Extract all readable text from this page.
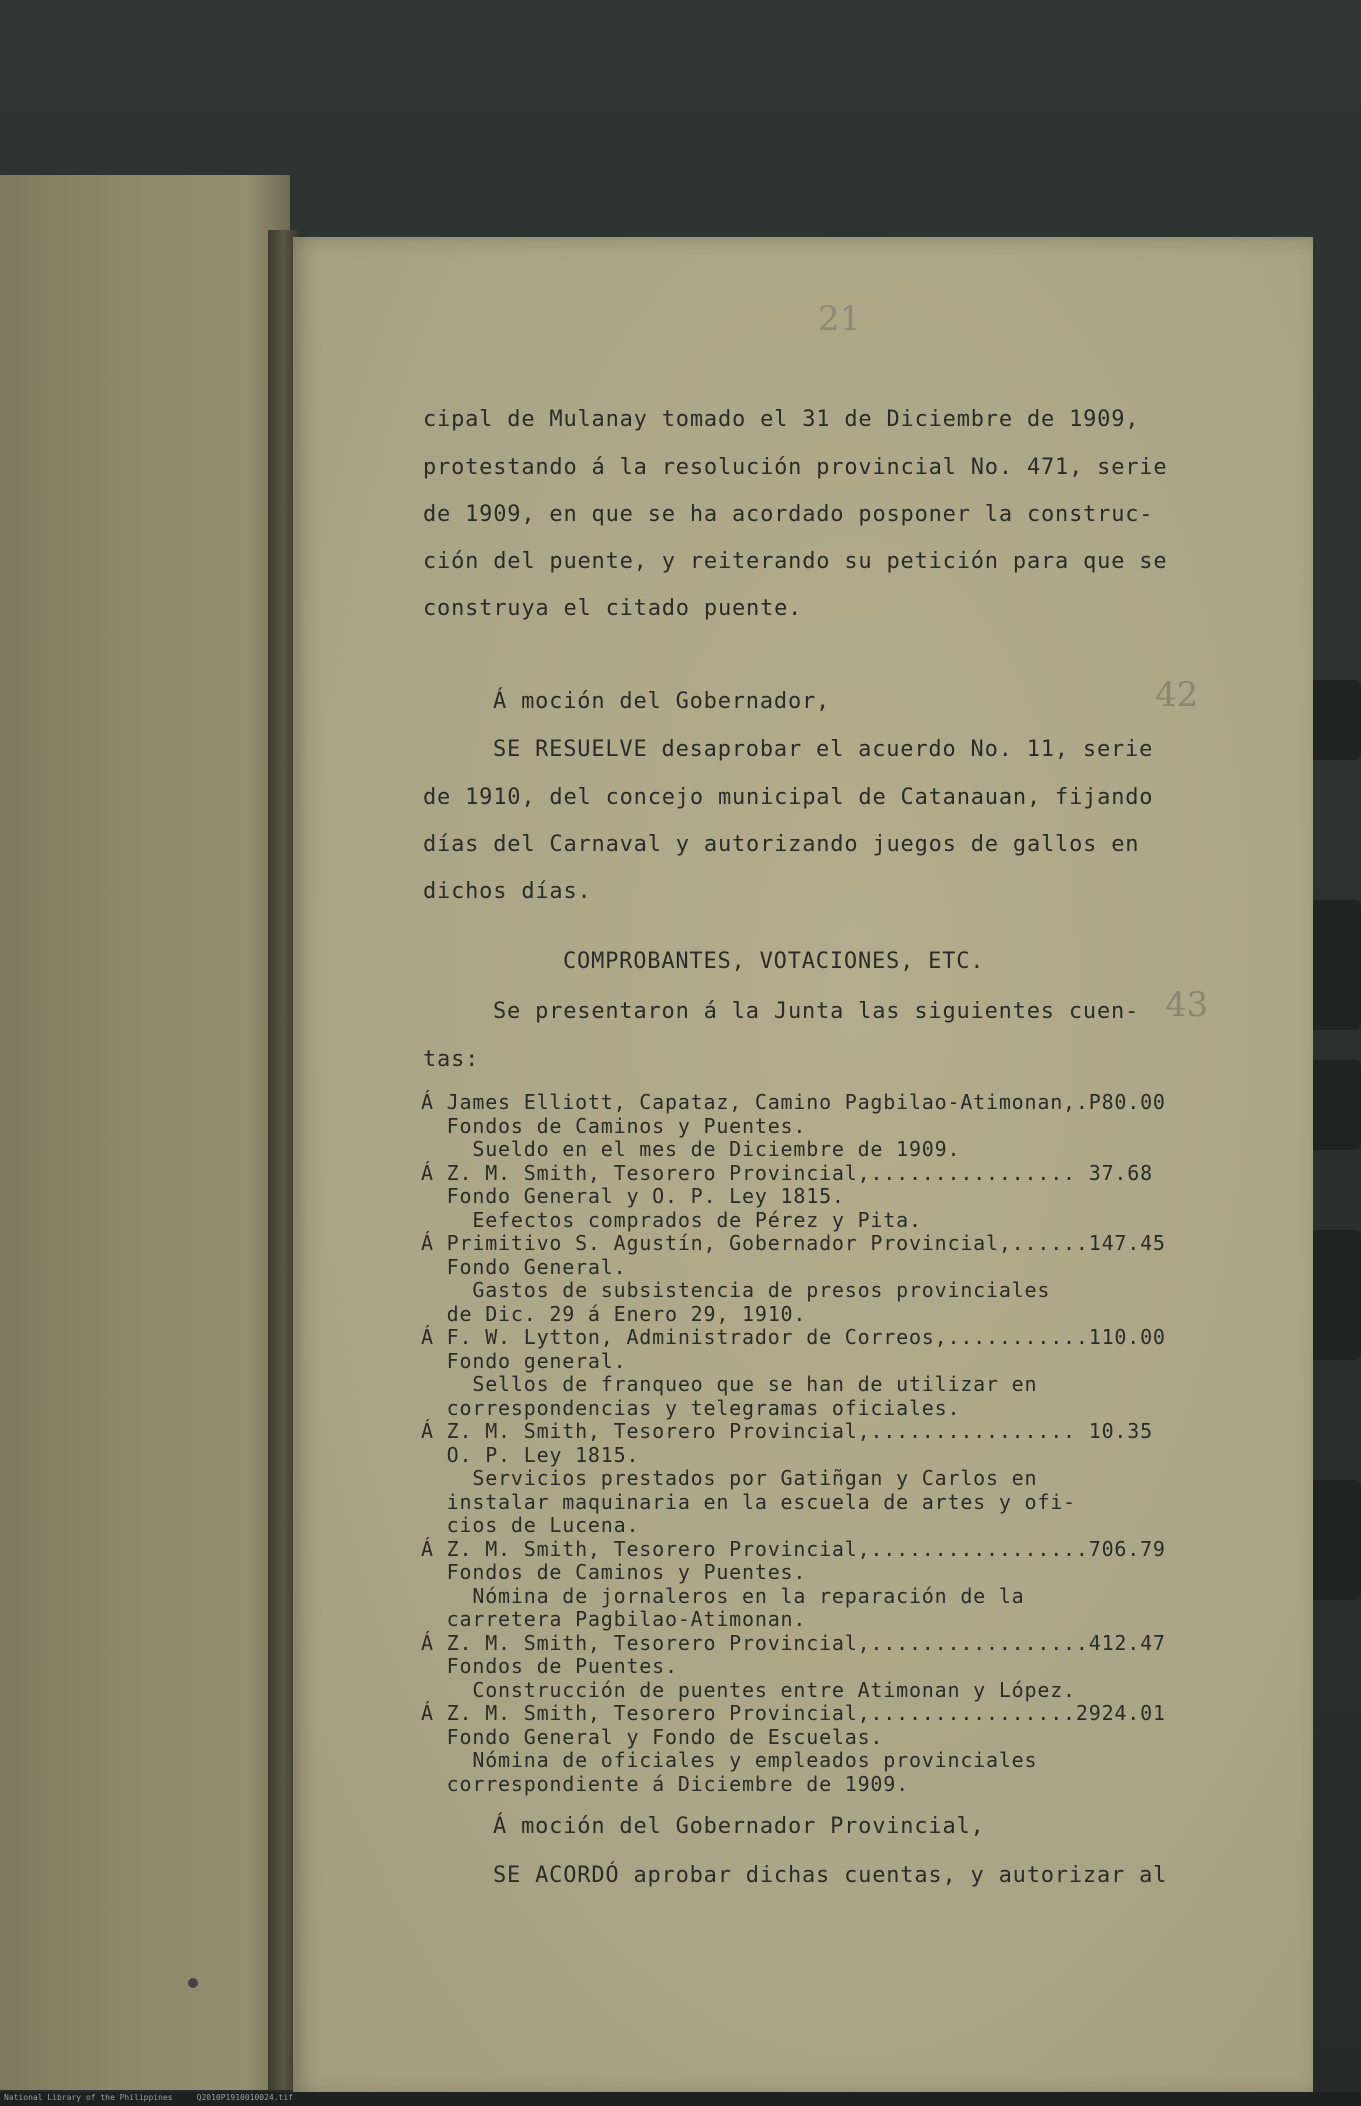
21
cipal de Mulanay tomado el 31 de Diciembre de 1909,
protestando á la resolución provincial No. 471, serie
de 1909, en que se ha acordado posponer la construc-
ción del puente, y reiterando su petición para que se
construya el citado puente.
Á moción del Gobernador,	42
SE RESUELVE desaprobar el acuerdo No. 11, serie
de 1910, del concejo municipal de Catanauan, fijando
días del Carnaval y autorizando juegos de gallos en
dichos días.
COMPROBANTES, VOTACIONES, ETC.
Se presentaron á la Junta las siguientes cuen- 43
tas:
Á James Elliott, Capataz, Camino Pagbilao-Atimonan,.P80.00
Fondos de Caminos y Puentes.
Sueldo en el mes de Diciembre de 1909.
Á Z. M. Smith, Tesorero Provincial,................ 37.68
Fondo General y O. P. Ley 1815.
Eefectos comprados de Pérez y Pita.
Á Primitivo S. Agustín, Gobernador Provincial,......147.45
Fondo General.
Gastos de subsistencia de presos provinciales
de Dic. 29 á Enero 29, 1910.
Á F. W. Lytton, Administrador de Correos,...........110.00
Fondo general.
Sellos de franqueo que se han de utilizar en
correspondencias y telegramas oficiales.
Á Z. M. Smith, Tesorero Provincial,................ 10.35
O. P. Ley 1815.
Servicios prestados por Gatiñgan y Carlos en
instalar maquinaria en la escuela de artes y ofi-
cios de Lucena.
Á Z. M. Smith, Tesorero Provincial,.................706.79
Fondos de Caminos y Puentes.
Nómina de jornaleros en la reparación de la
carretera Pagbilao-Atimonan.
Á Z. M. Smith, Tesorero Provincial,.................412.47
Fondos de Puentes.
Construcción de puentes entre Atimonan y López.
Á Z. M. Smith, Tesorero Provincial,................2924.01
Fondo General y Fondo de Escuelas.
Nómina de oficiales y empleados provinciales
correspondiente á Diciembre de 1909.
Á moción del Gobernador Provincial,
SE ACORDÓ aprobar dichas cuentas, y autorizar al
National Library of the Philippines     Q2010P1910010024.tif
